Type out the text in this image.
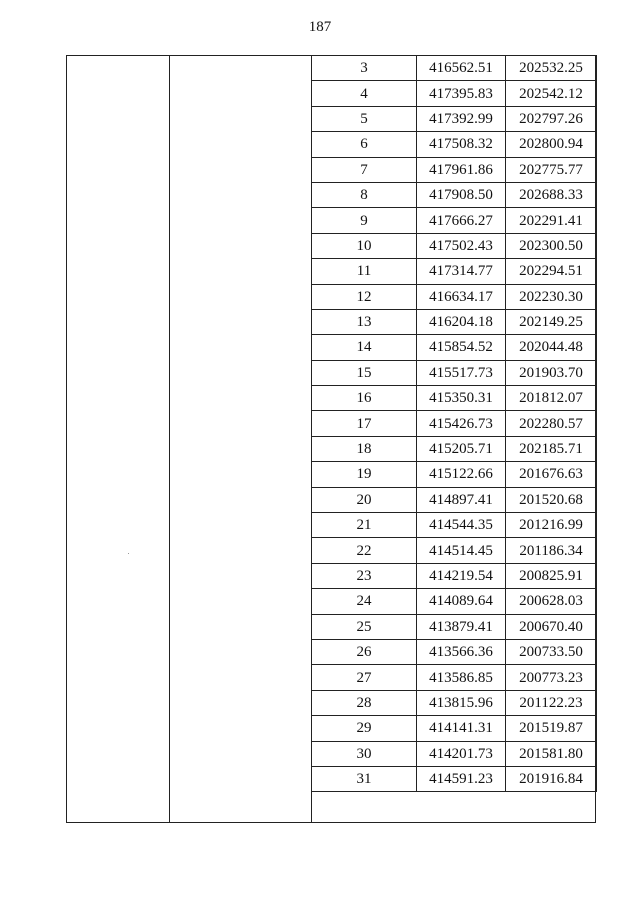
187
3	416562.51	202532.25
4	417395.83	202542.12
5	417392.99	202797.26
6	417508.32	202800.94
7	417961.86	202775.77
8	417908.50	202688.33
9	417666.27	202291.41
10	417502.43	202300.50
11	417314.77	202294.51
12	416634.17	202230.30
13	416204.18	202149.25
14	415854.52	202044.48
15	415517.73	201903.70
16	415350.31	201812.07
17	415426.73	202280.57
18	415205.71	202185.71
19	415122.66	201676.63
20	414897.41	201520.68
21	414544.35	201216.99
22	414514.45	201186.34
23	414219.54	200825.91
24	414089.64	200628.03
25	413879.41	200670.40
26	413566.36	200733.50
27	413586.85	200773.23
28	413815.96	201122.23
29	414141.31	201519.87
30	414201.73	201581.80
31	414591.23	201916.84
